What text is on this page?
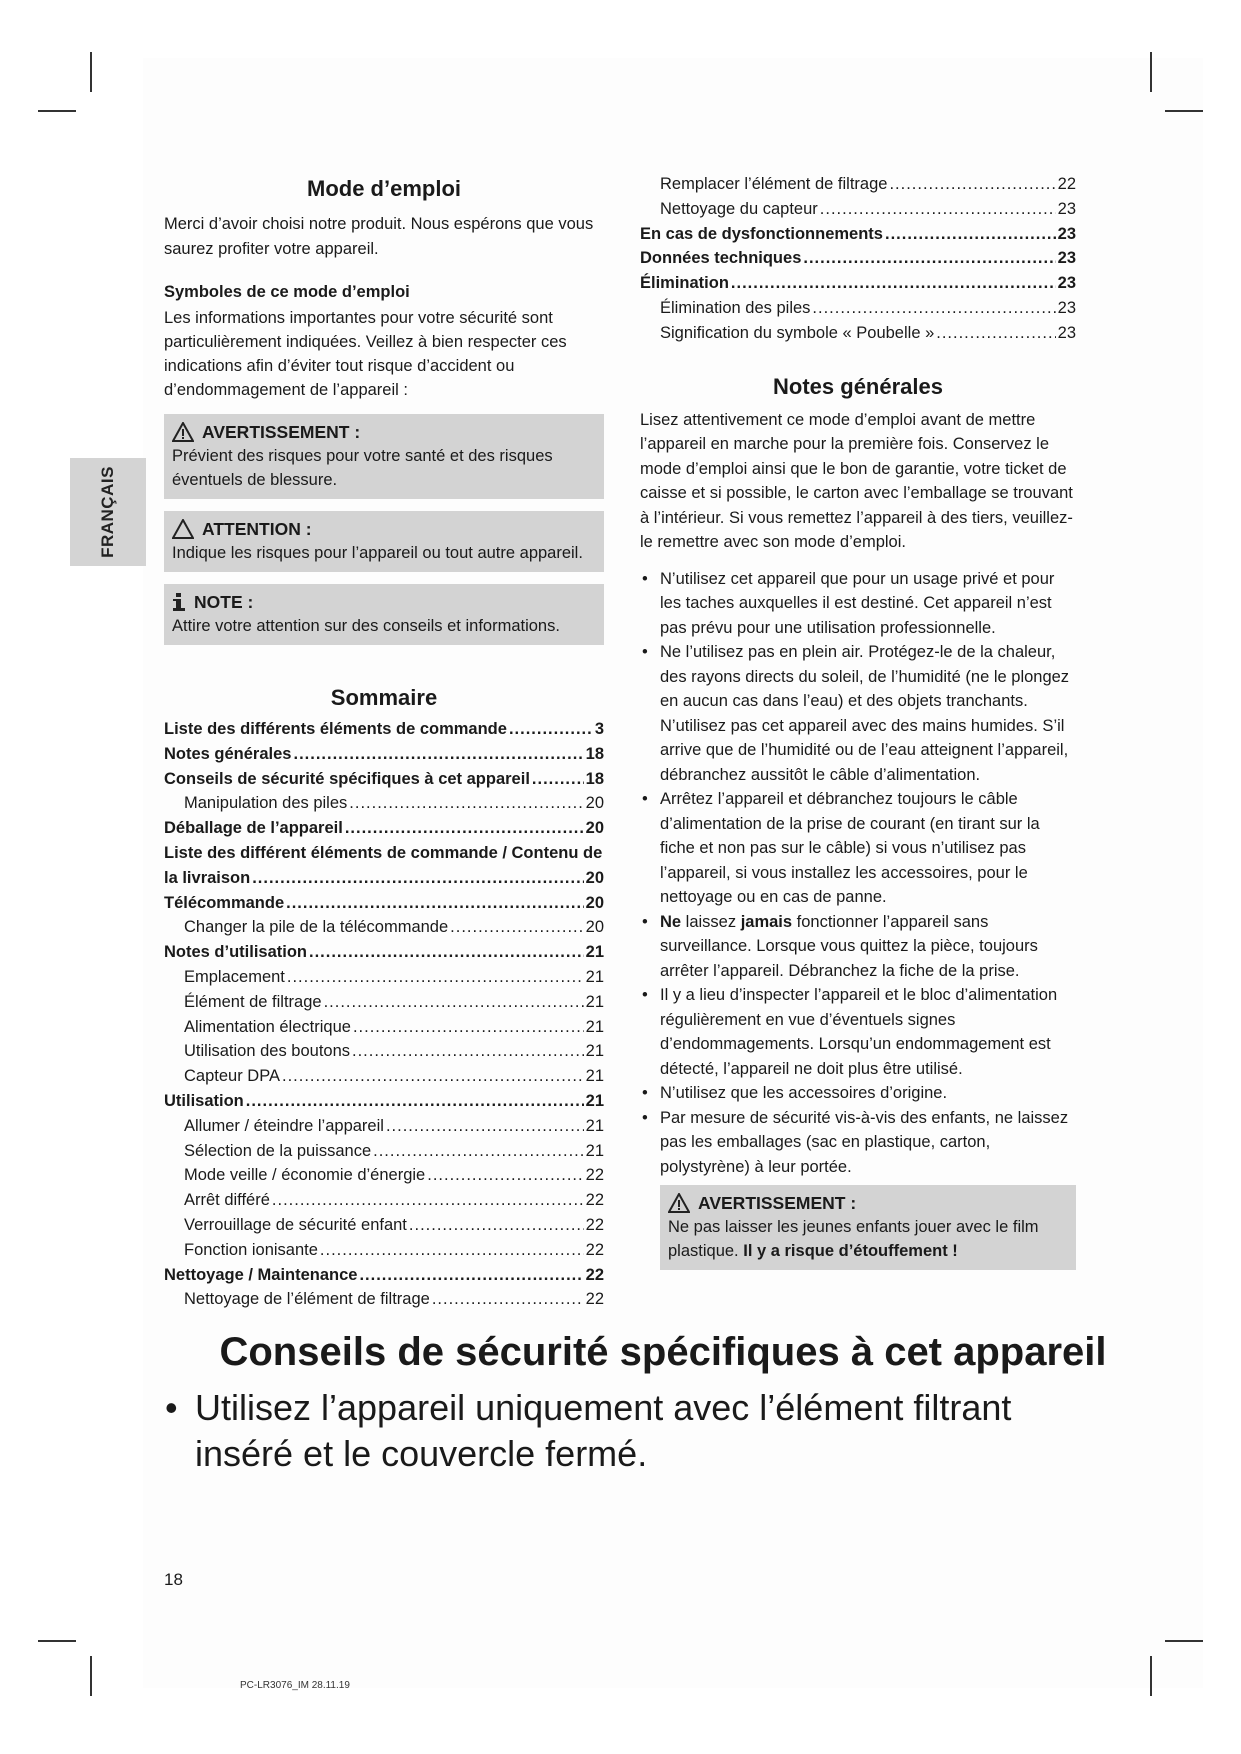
FRANÇAIS
Mode d’emploi

Merci d’avoir choisi notre produit. Nous espérons que vous saurez profiter votre appareil.

Symboles de ce mode d’emploi

Les informations importantes pour votre sécurité sont particulièrement indiquées. Veillez à bien respecter ces indications afin d’éviter tout risque d’accident ou d’endommagement de l’appareil :

AVERTISSEMENT :
Prévient des risques pour votre santé et des risques éventuels de blessure.
ATTENTION :
Indique les risques pour l’appareil ou tout autre appareil.
NOTE :
Attire votre attention sur des conseils et informations.
Sommaire
Liste des différents éléments de commande .....	3
Notes générales .....	18
Conseils de sécurité spécifiques à cet appareil .....	18
Manipulation des piles .....	20
Déballage de l’appareil .....	20
Liste des différent éléments de commande / Contenu de
la livraison .....	20
Télécommande .....	20
Changer la pile de la télécommande .....	20
Notes d’utilisation .....	21
Emplacement .....	21
Élément de filtrage .....	21
Alimentation électrique .....	21
Utilisation des boutons .....	21
Capteur DPA .....	21
Utilisation .....	21
Allumer / éteindre l’appareil .....	21
Sélection de la puissance .....	21
Mode veille / économie d’énergie .....	22
Arrêt différé .....	22
Verrouillage de sécurité enfant .....	22
Fonction ionisante .....	22
Nettoyage / Maintenance .....	22
Nettoyage de l’élément de filtrage .....	22
Remplacer l’élément de filtrage .....	22
Nettoyage du capteur .....	23
En cas de dysfonctionnements .....	23
Données techniques .....	23
Élimination .....	23
Élimination des piles .....	23
Signification du symbole « Poubelle » .....	23
Notes générales

Lisez attentivement ce mode d’emploi avant de mettre l’appareil en marche pour la première fois. Conservez le mode d’emploi ainsi que le bon de garantie, votre ticket de caisse et si possible, le carton avec l’emballage se trouvant à l’intérieur. Si vous remettez l’appareil à des tiers, veuillez-le remettre avec son mode d’emploi.

• N’utilisez cet appareil que pour un usage privé et pour les taches auxquelles il est destiné. Cet appareil n’est pas prévu pour une utilisation professionnelle.
• Ne l’utilisez pas en plein air. Protégez-le de la chaleur, des rayons directs du soleil, de l’humidité (ne le plongez en aucun cas dans l’eau) et des objets tranchants. N’utilisez pas cet appareil avec des mains humides. S’il arrive que de l’humidité ou de l’eau atteignent l’appareil, débranchez aussitôt le câble d’alimentation.
• Arrêtez l’appareil et débranchez toujours le câble d’alimentation de la prise de courant (en tirant sur la fiche et non pas sur le câble) si vous n’utilisez pas l’appareil, si vous installez les accessoires, pour le nettoyage ou en cas de panne.
• Ne laissez jamais fonctionner l’appareil sans surveillance. Lorsque vous quittez la pièce, toujours arrêter l’appareil. Débranchez la fiche de la prise.
• Il y a lieu d’inspecter l’appareil et le bloc d’alimentation régulièrement en vue d’éventuels signes d’endommagements. Lorsqu’un endommagement est détecté, l’appareil ne doit plus être utilisé.
• N’utilisez que les accessoires d’origine.
• Par mesure de sécurité vis-à-vis des enfants, ne laissez pas les emballages (sac en plastique, carton, polystyrène) à leur portée.
AVERTISSEMENT :
Ne pas laisser les jeunes enfants jouer avec le film plastique. Il y a risque d’étouffement !
Conseils de sécurité spécifiques à cet appareil
• Utilisez l’appareil uniquement avec l’élément filtrant inséré et le couvercle fermé.
18
PC-LR3076_IM 28.11.19
